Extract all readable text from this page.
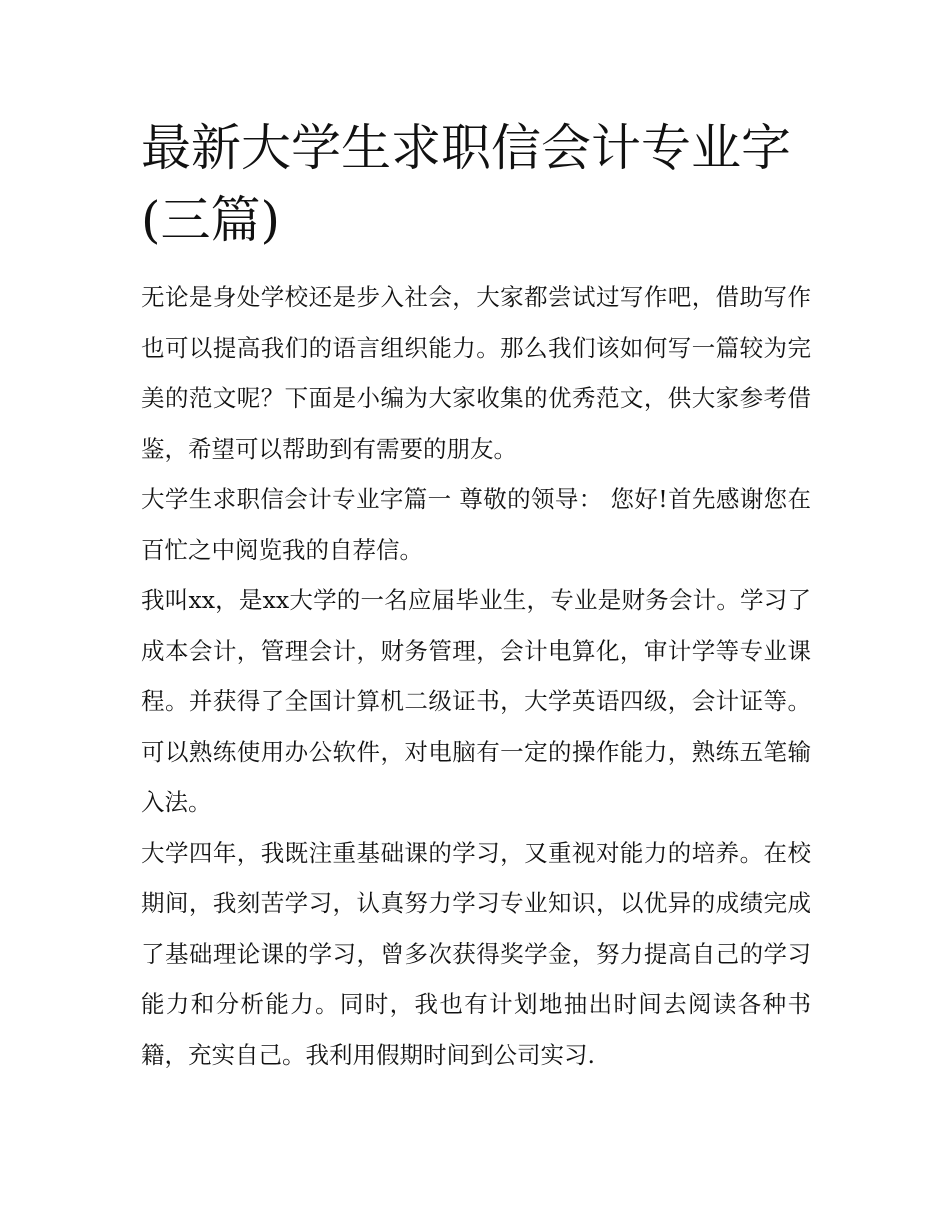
最新大学生求职信会计专业字(三篇)

无论是身处学校还是步入社会，大家都尝试过写作吧，借助写作也可以提高我们的语言组织能力。那么我们该如何写一篇较为完美的范文呢？下面是小编为大家收集的优秀范文，供大家参考借鉴，希望可以帮助到有需要的朋友。

大学生求职信会计专业字篇一 尊敬的领导： 您好!首先感谢您在百忙之中阅览我的自荐信。

我叫xx，是xx大学的一名应届毕业生，专业是财务会计。学习了成本会计，管理会计，财务管理，会计电算化，审计学等专业课程。并获得了全国计算机二级证书，大学英语四级，会计证等。可以熟练使用办公软件，对电脑有一定的操作能力，熟练五笔输入法。

大学四年，我既注重基础课的学习，又重视对能力的培养。在校期间，我刻苦学习，认真努力学习专业知识，以优异的成绩完成了基础理论课的学习，曾多次获得奖学金，努力提高自己的学习能力和分析能力。同时，我也有计划地抽出时间去阅读各种书籍，充实自己。我利用假期时间到公司实习.
